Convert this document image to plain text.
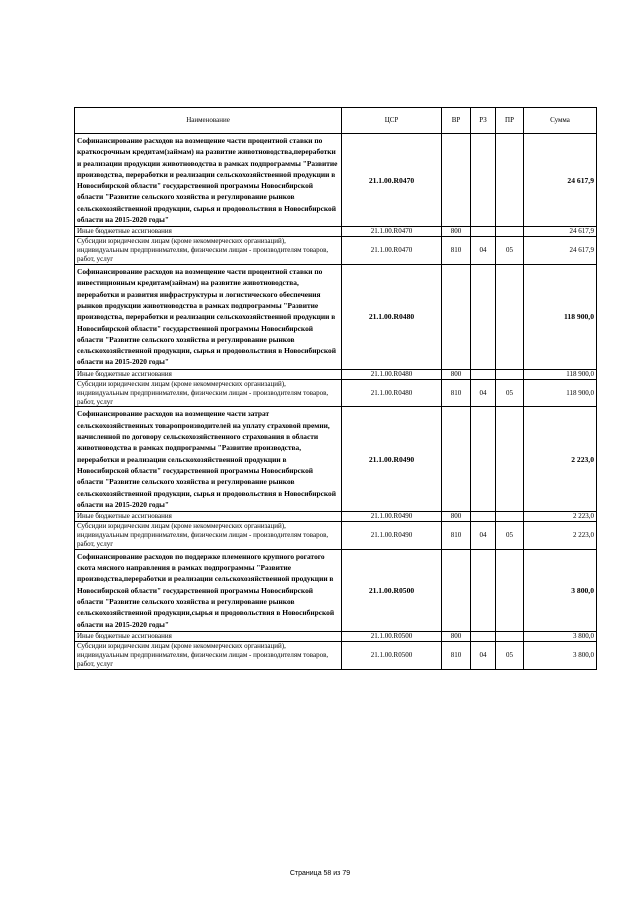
Наименование	ЦСР	ВР	РЗ	ПР	Сумма
Софинансирование расходов на возмещение части процентной ставки по краткосрочным кредитам(займам) на развитие животноводства,переработки и реализации продукции животноводства в рамках подпрограммы "Развитие производства, переработки и реализации сельскохозяйственной продукции в Новосибирской области" государственной программы Новосибирской области "Развитие сельского хозяйства и регулирование рынков сельскохозяйственной продукции, сырья и продовольствия в Новосибирской области на 2015-2020 годы"	21.1.00.R0470				24 617,9
Иные бюджетные ассигнования	21.1.00.R0470	800			24 617,9
Субсидии юридическим лицам (кроме некоммерческих организаций), индивидуальным предпринимателям, физическим лицам - производителям товаров, работ, услуг	21.1.00.R0470	810	04	05	24 617,9
Софинансирование расходов на возмещение части процентной ставки по инвестиционным кредитам(займам) на развитие животноводства, переработки и развития инфраструктуры и логистического обеспечения рынков продукции животноводства в рамках подпрограммы "Развитие производства, переработки и реализации сельскохозяйственной продукции в Новосибирской области" государственной программы Новосибирской области "Развитие сельского хозяйства и регулирование рынков сельскохозяйственной продукции, сырья и продовольствия в Новосибирской области на 2015-2020 годы"	21.1.00.R0480				118 900,0
Иные бюджетные ассигнования	21.1.00.R0480	800			118 900,0
Субсидии юридическим лицам (кроме некоммерческих организаций), индивидуальным предпринимателям, физическим лицам - производителям товаров, работ, услуг	21.1.00.R0480	810	04	05	118 900,0
Софинансирование расходов на возмещение части затрат сельскохозяйственных товаропроизводителей на уплату страховой премии, начисленной по договору сельскохозяйственного страхования в области животноводства в рамках подпрограммы "Развитие производства, переработки и реализации сельскохозяйственной продукции в Новосибирской области" государственной программы Новосибирской области "Развитие сельского хозяйства и регулирование рынков сельскохозяйственной продукции, сырья и продовольствия в Новосибирской области на 2015-2020 годы"	21.1.00.R0490				2 223,0
Иные бюджетные ассигнования	21.1.00.R0490	800			2 223,0
Субсидии юридическим лицам (кроме некоммерческих организаций), индивидуальным предпринимателям, физическим лицам - производителям товаров, работ, услуг	21.1.00.R0490	810	04	05	2 223,0
Софинансирование расходов по поддержке племенного крупного рогатого скота мясного направления в рамках подпрограммы "Развитие производства,переработки и реализации сельскохозяйственной продукции в Новосибирской области" государственной программы Новосибирской области "Развитие сельского хозяйства и регулирование рынков сельскохозяйственной продукции,сырья и продовольствия в Новосибирской области на 2015-2020 годы"	21.1.00.R0500				3 800,0
Иные бюджетные ассигнования	21.1.00.R0500	800			3 800,0
Субсидии юридическим лицам (кроме некоммерческих организаций), индивидуальным предпринимателям, физическим лицам - производителям товаров, работ, услуг	21.1.00.R0500	810	04	05	3 800,0
Страница 58 из 79
